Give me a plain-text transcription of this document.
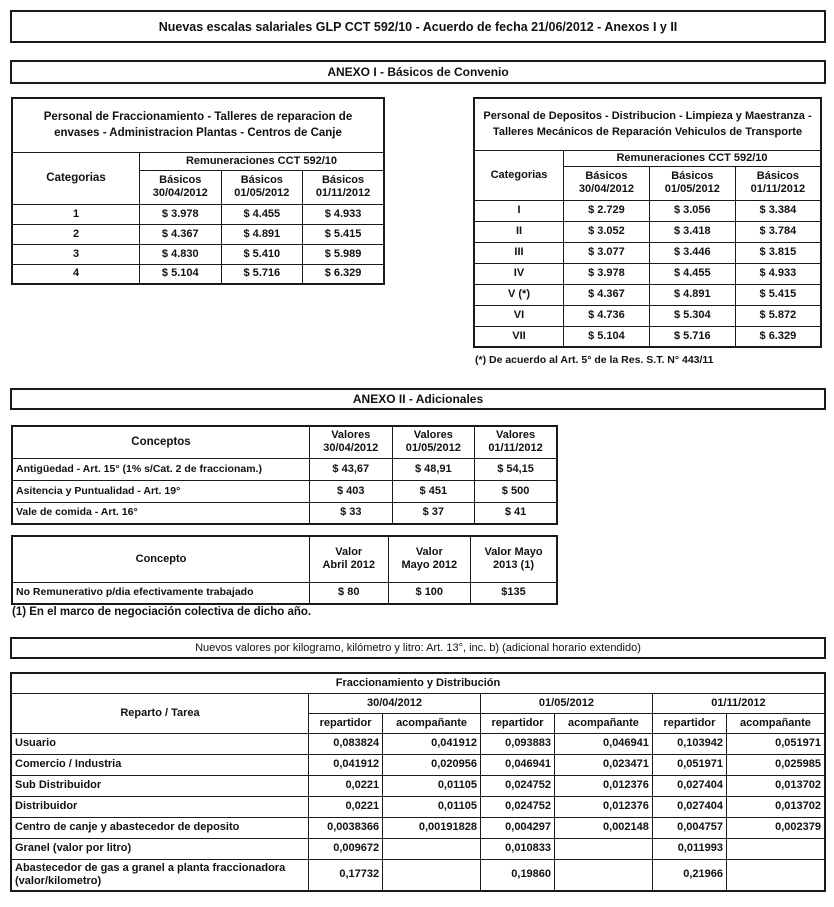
Nuevas escalas salariales GLP CCT 592/10 - Acuerdo de fecha 21/06/2012 - Anexos I y II
ANEXO I - Básicos de Convenio
Personal de Fraccionamiento - Talleres de reparacion de envases - Administracion Plantas - Centros de Canje			
Categorias	Remuneraciones CCT 592/10		

Básicos
30/04/2012

Básicos
01/05/2012

Básicos
01/11/2012

1	$ 3.978	$ 4.455	$ 4.933
2	$ 4.367	$ 4.891	$ 5.415
3	$ 4.830	$ 5.410	$ 5.989
4	$ 5.104	$ 5.716	$ 6.329
Personal de Depositos - Distribucion - Limpieza y Maestranza - Talleres Mecánicos de Reparación Vehiculos de Transporte			
Categorias	Remuneraciones CCT 592/10		

Básicos
30/04/2012

Básicos
01/05/2012

Básicos
01/11/2012

I	$ 2.729	$ 3.056	$ 3.384
II	$ 3.052	$ 3.418	$ 3.784
III	$ 3.077	$ 3.446	$ 3.815
IV	$ 3.978	$ 4.455	$ 4.933
V (*)	$ 4.367	$ 4.891	$ 5.415
VI	$ 4.736	$ 5.304	$ 5.872
VII	$ 5.104	$ 5.716	$ 6.329
(*) De acuerdo al Art. 5° de la Res. S.T. N° 443/11
ANEXO II - Adicionales
Conceptos	
Valores
30/04/2012

Valores
01/05/2012

Valores
01/11/2012

Antigüedad - Art. 15° (1% s/Cat. 2 de fraccionam.)	$ 43,67	$ 48,91	$ 54,15
Asitencia y Puntualidad - Art. 19°	$ 403	$ 451	$ 500
Vale de comida - Art. 16°	$ 33	$ 37	$ 41
Concepto	
Valor
Abril 2012

Valor
Mayo 2012

Valor Mayo
2013 (1)

No Remunerativo p/dia efectivamente trabajado	$ 80	$ 100	$135
(1) En el marco de negociación colectiva de dicho año.
Nuevos valores por kilogramo, kilómetro y litro: Art. 13°, inc. b) (adicional horario extendido)
Fraccionamiento y Distribución						
Reparto / Tarea	30/04/2012		01/05/2012		01/11/2012	
	repartidor	acompañante	repartidor	acompañante	repartidor	acompañante
Usuario	0,083824	0,041912	0,093883	0,046941	0,103942	0,051971
Comercio / Industria	0,041912	0,020956	0,046941	0,023471	0,051971	0,025985
Sub Distribuidor	0,0221	0,01105	0,024752	0,012376	0,027404	0,013702
Distribuidor	0,0221	0,01105	0,024752	0,012376	0,027404	0,013702
Centro de canje y abastecedor de deposito	0,0038366	0,00191828	0,004297	0,002148	0,004757	0,002379
Granel (valor por litro)	0,009672		0,010833		0,011993	

Abastecedor de gas a granel a planta fraccionadora
(valor/kilometro)	0,17732		0,19860		0,21966	
